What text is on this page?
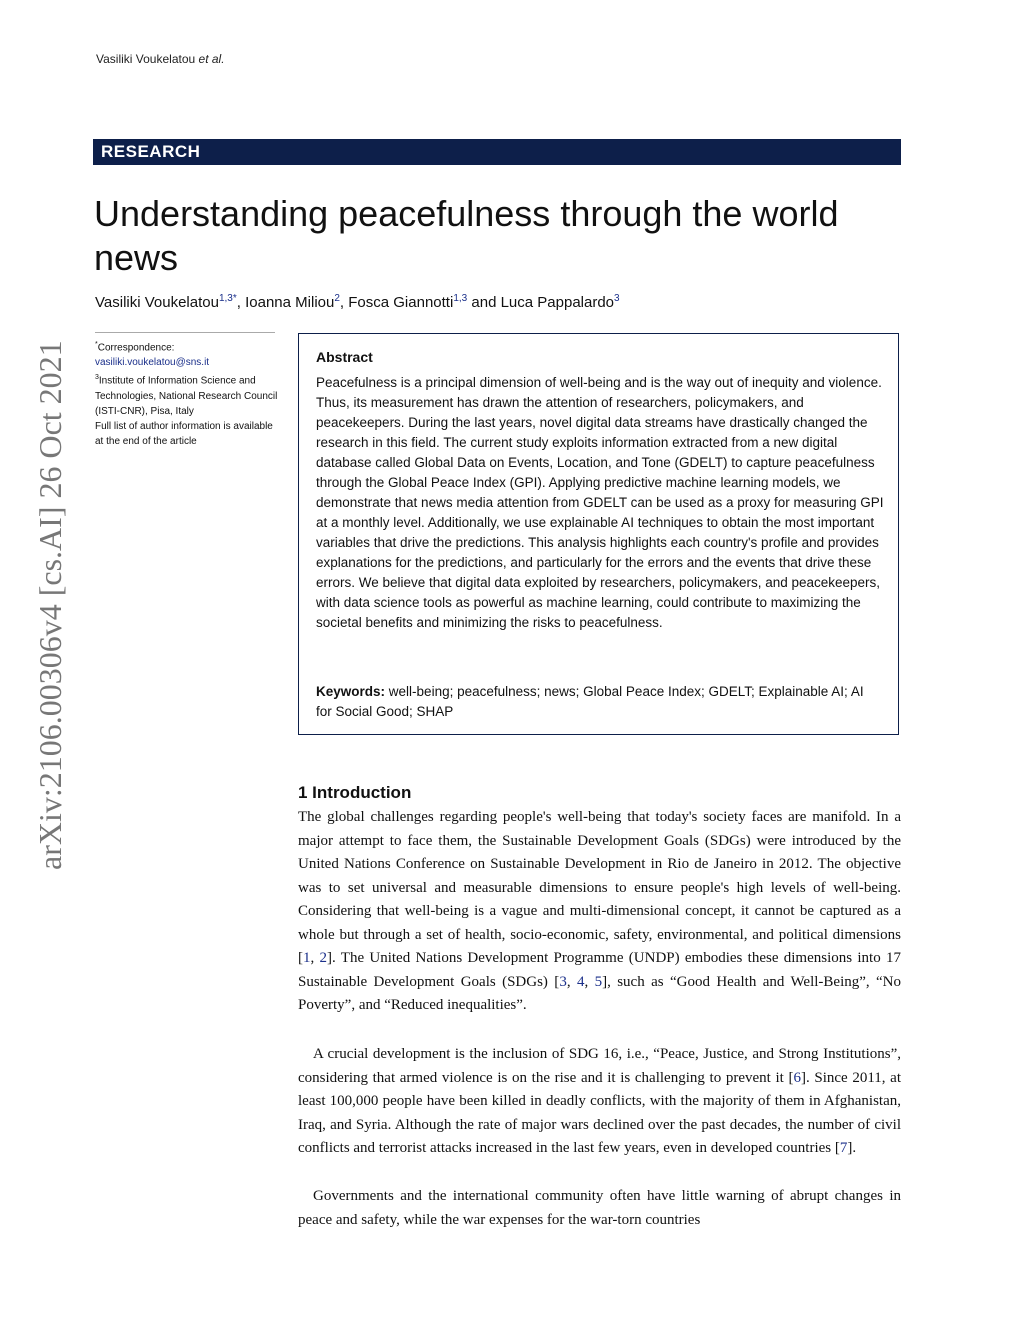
Vasiliki Voukelatou et al.
RESEARCH
Understanding peacefulness through the world news
Vasiliki Voukelatou$^{1,3*}$, Ioanna Miliou$^2$, Fosca Giannotti$^{1,3}$ and Luca Pappalardo$^3$
*Correspondence:
vasiliki.voukelatou@sns.it
$^3$Institute of Information Science and Technologies, National Research Council (ISTI-CNR), Pisa, Italy
Full list of author information is available at the end of the article
arXiv:2106.00306v4 [cs.AI] 26 Oct 2021	Abstract
Peacefulness is a principal dimension of well-being and is the way out of inequity and violence. Thus, its measurement has drawn the attention of researchers, policymakers, and peacekeepers. During the last years, novel digital data streams have drastically changed the research in this field. The current study exploits information extracted from a new digital database called Global Data on Events, Location, and Tone (GDELT) to capture peacefulness through the Global Peace Index (GPI). Applying predictive machine learning models, we demonstrate that news media attention from GDELT can be used as a proxy for measuring GPI at a monthly level. Additionally, we use explainable AI techniques to obtain the most important variables that drive the predictions. This analysis highlights each country's profile and provides explanations for the predictions, and particularly for the errors and the events that drive these errors. We believe that digital data exploited by researchers, policymakers, and peacekeepers, with data science tools as powerful as machine learning, could contribute to maximizing the societal benefits and minimizing the risks to peacefulness.
Keywords: well-being; peacefulness; news; Global Peace Index; GDELT; Explainable AI; AI for Social Good; SHAP
1 Introduction

The global challenges regarding people's well-being that today's society faces are manifold. In a major attempt to face them, the Sustainable Development Goals (SDGs) were introduced by the United Nations Conference on Sustainable Development in Rio de Janeiro in 2012. The objective was to set universal and measurable dimensions to ensure people's high levels of well-being. Considering that well-being is a vague and multi-dimensional concept, it cannot be captured as a whole but through a set of health, socio-economic, safety, environmental, and political dimensions [1, 2]. The United Nations Development Programme (UNDP) embodies these dimensions into 17 Sustainable Development Goals (SDGs) [3, 4, 5], such as “Good Health and Well-Being”, “No Poverty”, and “Reduced inequalities”.

A crucial development is the inclusion of SDG 16, i.e., “Peace, Justice, and Strong Institutions”, considering that armed violence is on the rise and it is challenging to prevent it [6]. Since 2011, at least 100,000 people have been killed in deadly conflicts, with the majority of them in Afghanistan, Iraq, and Syria. Although the rate of major wars declined over the past decades, the number of civil conflicts and terrorist attacks increased in the last few years, even in developed countries [7].

Governments and the international community often have little warning of abrupt changes in peace and safety, while the war expenses for the war-torn countries
